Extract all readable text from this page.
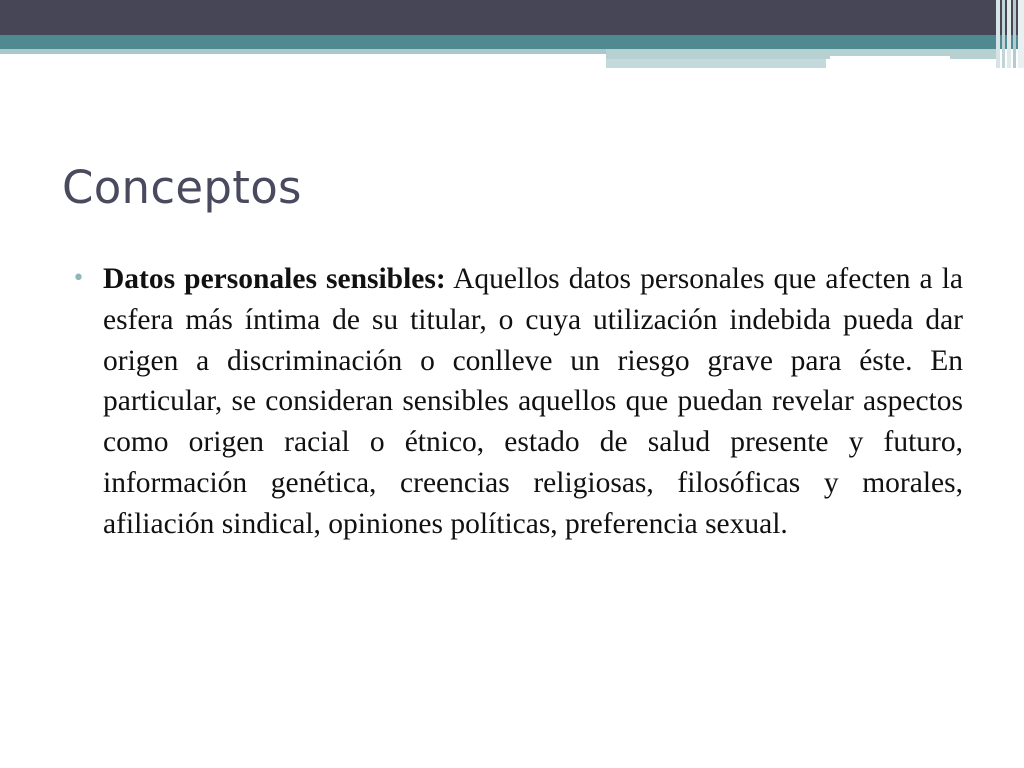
Conceptos
• Datos personales sensibles: Aquellos datos personales que afecten a la esfera más íntima de su titular, o cuya utilización indebida pueda dar origen a discriminación o conlleve un riesgo grave para éste. En particular, se consideran sensibles aquellos que puedan revelar aspectos como origen racial o étnico, estado de salud presente y futuro, información genética, creencias religiosas, filosóficas y morales, afiliación sindical, opiniones políticas, preferencia sexual.
